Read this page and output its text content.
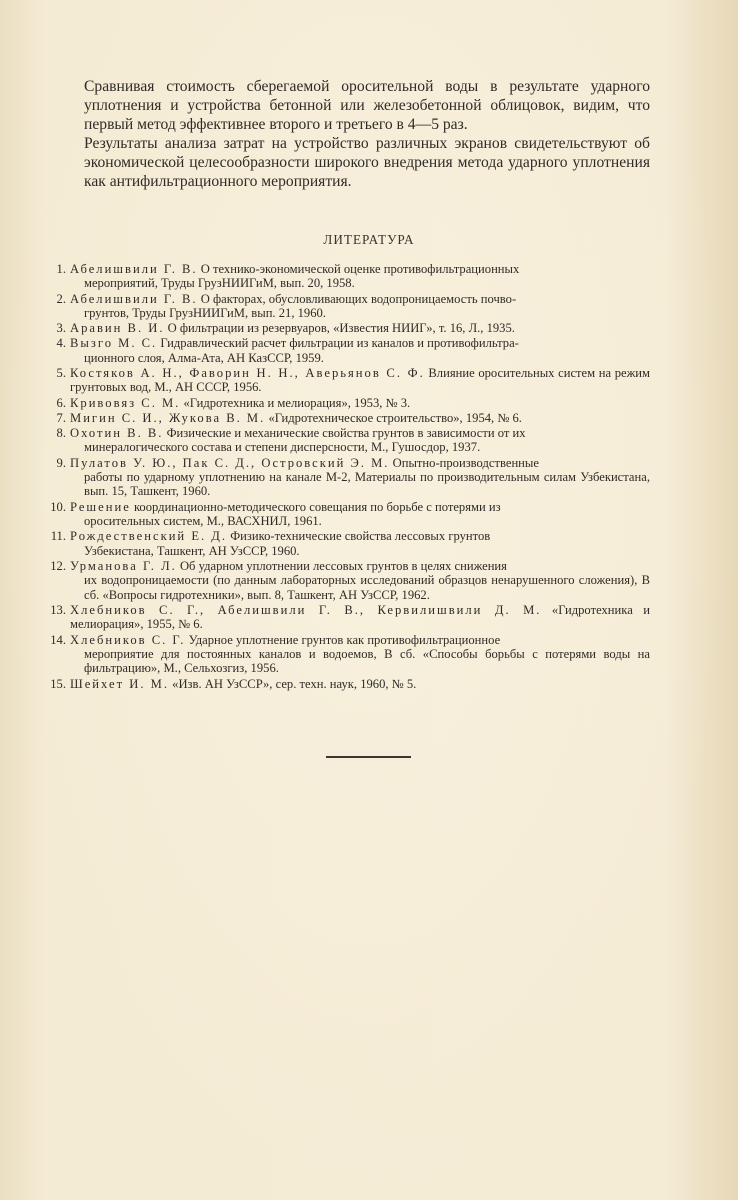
Сравнивая стоимость сберегаемой оросительной воды в результате ударного уплотнения и устройства бетонной или железобетонной облицовок, видим, что первый метод эффективнее второго и третьего в 4—5 раз.

Результаты анализа затрат на устройство различных экранов свидетельствуют об экономической целесообразности широкого внедрения метода ударного уплотнения как антифильтрационного мероприятия.

ЛИТЕРАТУРА
1. Абелишвили Г. В. О технико-экономической оценке противофильтрационных
мероприятий, Труды ГрузНИИГиМ, вып. 20, 1958.
2. Абелишвили Г. В. О факторах, обусловливающих водопроницаемость почво-
грунтов, Труды ГрузНИИГиМ, вып. 21, 1960.
3. Аравин В. И. О фильтрации из резервуаров, «Известия НИИГ», т. 16, Л., 1935.
4. Вызго М. С. Гидравлический расчет фильтрации из каналов и противофильтра-
ционного слоя, Алма-Ата, АН КазССР, 1959.
5. Костяков А. Н., Фаворин Н. Н., Аверьянов С. Ф. Влияние оросительных систем на режим грунтовых вод, М., АН СССР, 1956.
6. Кривовяз С. М. «Гидротехника и мелиорация», 1953, № 3.
7. Мигин С. И., Жукова В. М. «Гидротехническое строительство», 1954, № 6.
8. Охотин В. В. Физические и механические свойства грунтов в зависимости от их
минералогического состава и степени дисперсности, М., Гушосдор, 1937.
9. Пулатов У. Ю., Пак С. Д., Островский Э. М. Опытно-производственные
работы по ударному уплотнению на канале М-2, Материалы по производительным силам Узбекистана, вып. 15, Ташкент, 1960.
10. Решение координационно-методического совещания по борьбе с потерями из
оросительных систем, М., ВАСХНИЛ, 1961.
11. Рождественский Е. Д. Физико-технические свойства лессовых грунтов
Узбекистана, Ташкент, АН УзССР, 1960.
12. Урманова Г. Л. Об ударном уплотнении лессовых грунтов в целях снижения
их водопроницаемости (по данным лабораторных исследований образцов ненарушенного сложения), В сб. «Вопросы гидротехники», вып. 8, Ташкент, АН УзССР, 1962.
13. Хлебников С. Г., Абелишвили Г. В., Кервилишвили Д. М. «Гидротехника и мелиорация», 1955, № 6.
14. Хлебников С. Г. Ударное уплотнение грунтов как противофильтрационное
мероприятие для постоянных каналов и водоемов, В сб. «Способы борьбы с потерями воды на фильтрацию», М., Сельхозгиз, 1956.
15. Шейхет И. М. «Изв. АН УзССР», сер. техн. наук, 1960, № 5.
